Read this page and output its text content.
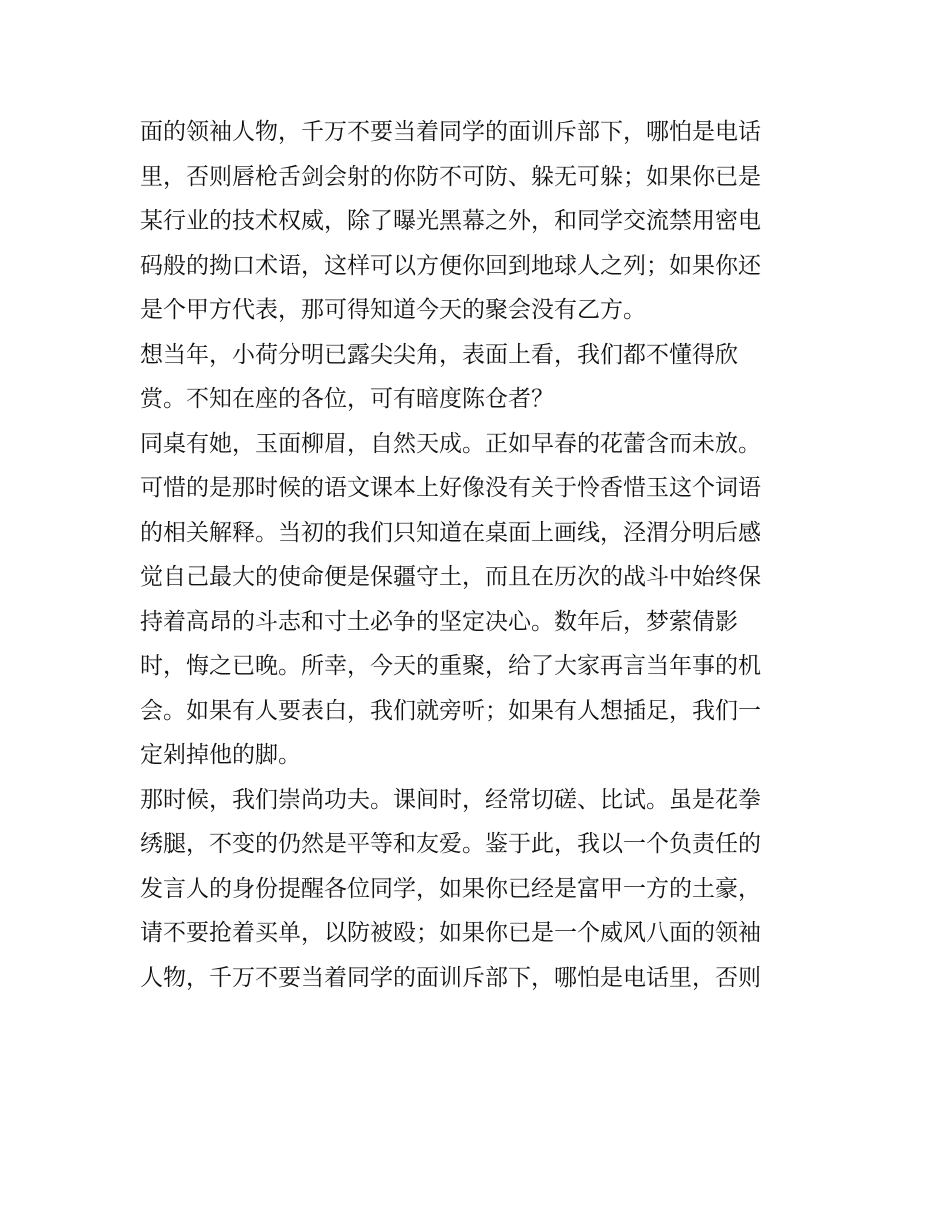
面的领袖人物，千万不要当着同学的面训斥部下，哪怕是电话
里，否则唇枪舌剑会射的你防不可防、躲无可躲；如果你已是
某行业的技术权威，除了曝光黑幕之外，和同学交流禁用密电
码般的拗口术语，这样可以方便你回到地球人之列；如果你还
是个甲方代表，那可得知道今天的聚会没有乙方。
想当年，小荷分明已露尖尖角，表面上看，我们都不懂得欣
赏。不知在座的各位，可有暗度陈仓者？
同桌有她，玉面柳眉，自然天成。正如早春的花蕾含而未放。
可惜的是那时候的语文课本上好像没有关于怜香惜玉这个词语
的相关解释。当初的我们只知道在桌面上画线，泾渭分明后感
觉自己最大的使命便是保疆守土，而且在历次的战斗中始终保
持着高昂的斗志和寸土必争的坚定决心。数年后，梦萦倩影
时，悔之已晚。所幸，今天的重聚，给了大家再言当年事的机
会。如果有人要表白，我们就旁听；如果有人想插足，我们一
定剁掉他的脚。
那时候，我们崇尚功夫。课间时，经常切磋、比试。虽是花拳
绣腿，不变的仍然是平等和友爱。鉴于此，我以一个负责任的
发言人的身份提醒各位同学，如果你已经是富甲一方的土豪，
请不要抢着买单，以防被殴；如果你已是一个威风八面的领袖
人物，千万不要当着同学的面训斥部下，哪怕是电话里，否则
